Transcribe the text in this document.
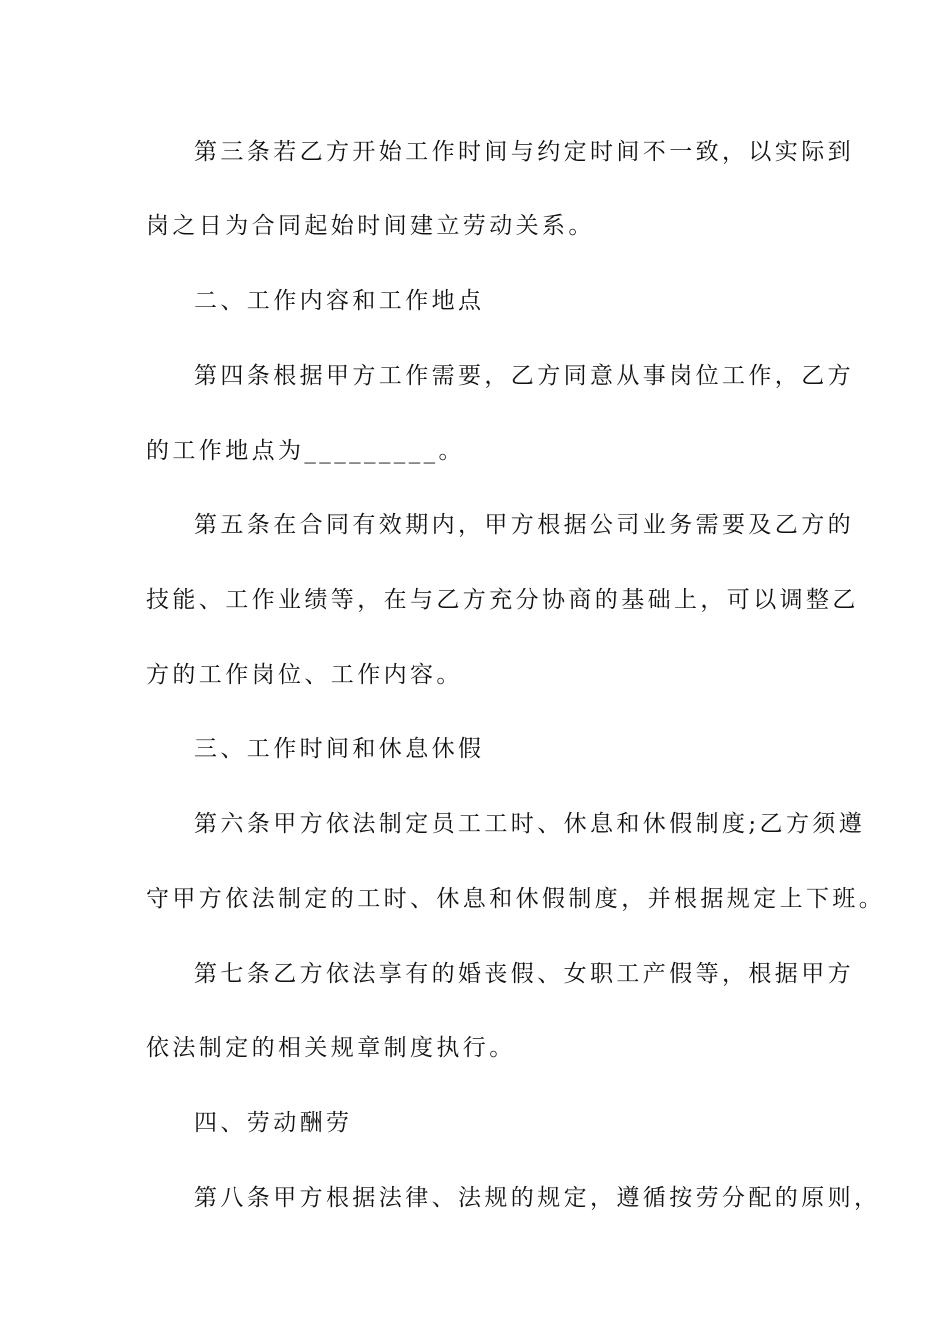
第三条若乙方开始工作时间与约定时间不一致，以实际到
岗之日为合同起始时间建立劳动关系。
二、工作内容和工作地点
第四条根据甲方工作需要，乙方同意从事岗位工作，乙方
的工作地点为_________。
第五条在合同有效期内，甲方根据公司业务需要及乙方的
技能、工作业绩等，在与乙方充分协商的基础上，可以调整乙
方的工作岗位、工作内容。
三、工作时间和休息休假
第六条甲方依法制定员工工时、休息和休假制度;乙方须遵
守甲方依法制定的工时、休息和休假制度，并根据规定上下班。
第七条乙方依法享有的婚丧假、女职工产假等，根据甲方
依法制定的相关规章制度执行。
四、劳动酬劳
第八条甲方根据法律、法规的规定，遵循按劳分配的原则，
